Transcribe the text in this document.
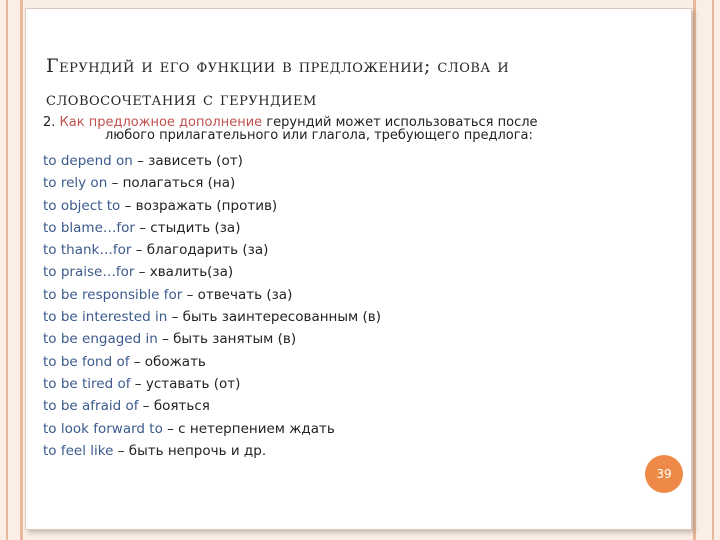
Герундий и его функции в предложении; слова и
словосочетания с герундием
2. Как предложное дополнение герундий может использоваться после
любого прилагательного или глагола, требующего предлога:
to depend on – зависеть (от)
to rely on – полагаться (на)
to object to – возражать (против)
to blame…for – стыдить (за)
to thank…for – благодарить (за)
to praise…for – хвалить(за)
to be responsible for – отвечать (за)
to be interested in – быть заинтересованным (в)
to be engaged in – быть занятым (в)
to be fond of – обожать
to be tired of – уставать (от)
to be afraid of – бояться
to look forward to – с нетерпением ждать
to feel like – быть непрочь и др.
39
